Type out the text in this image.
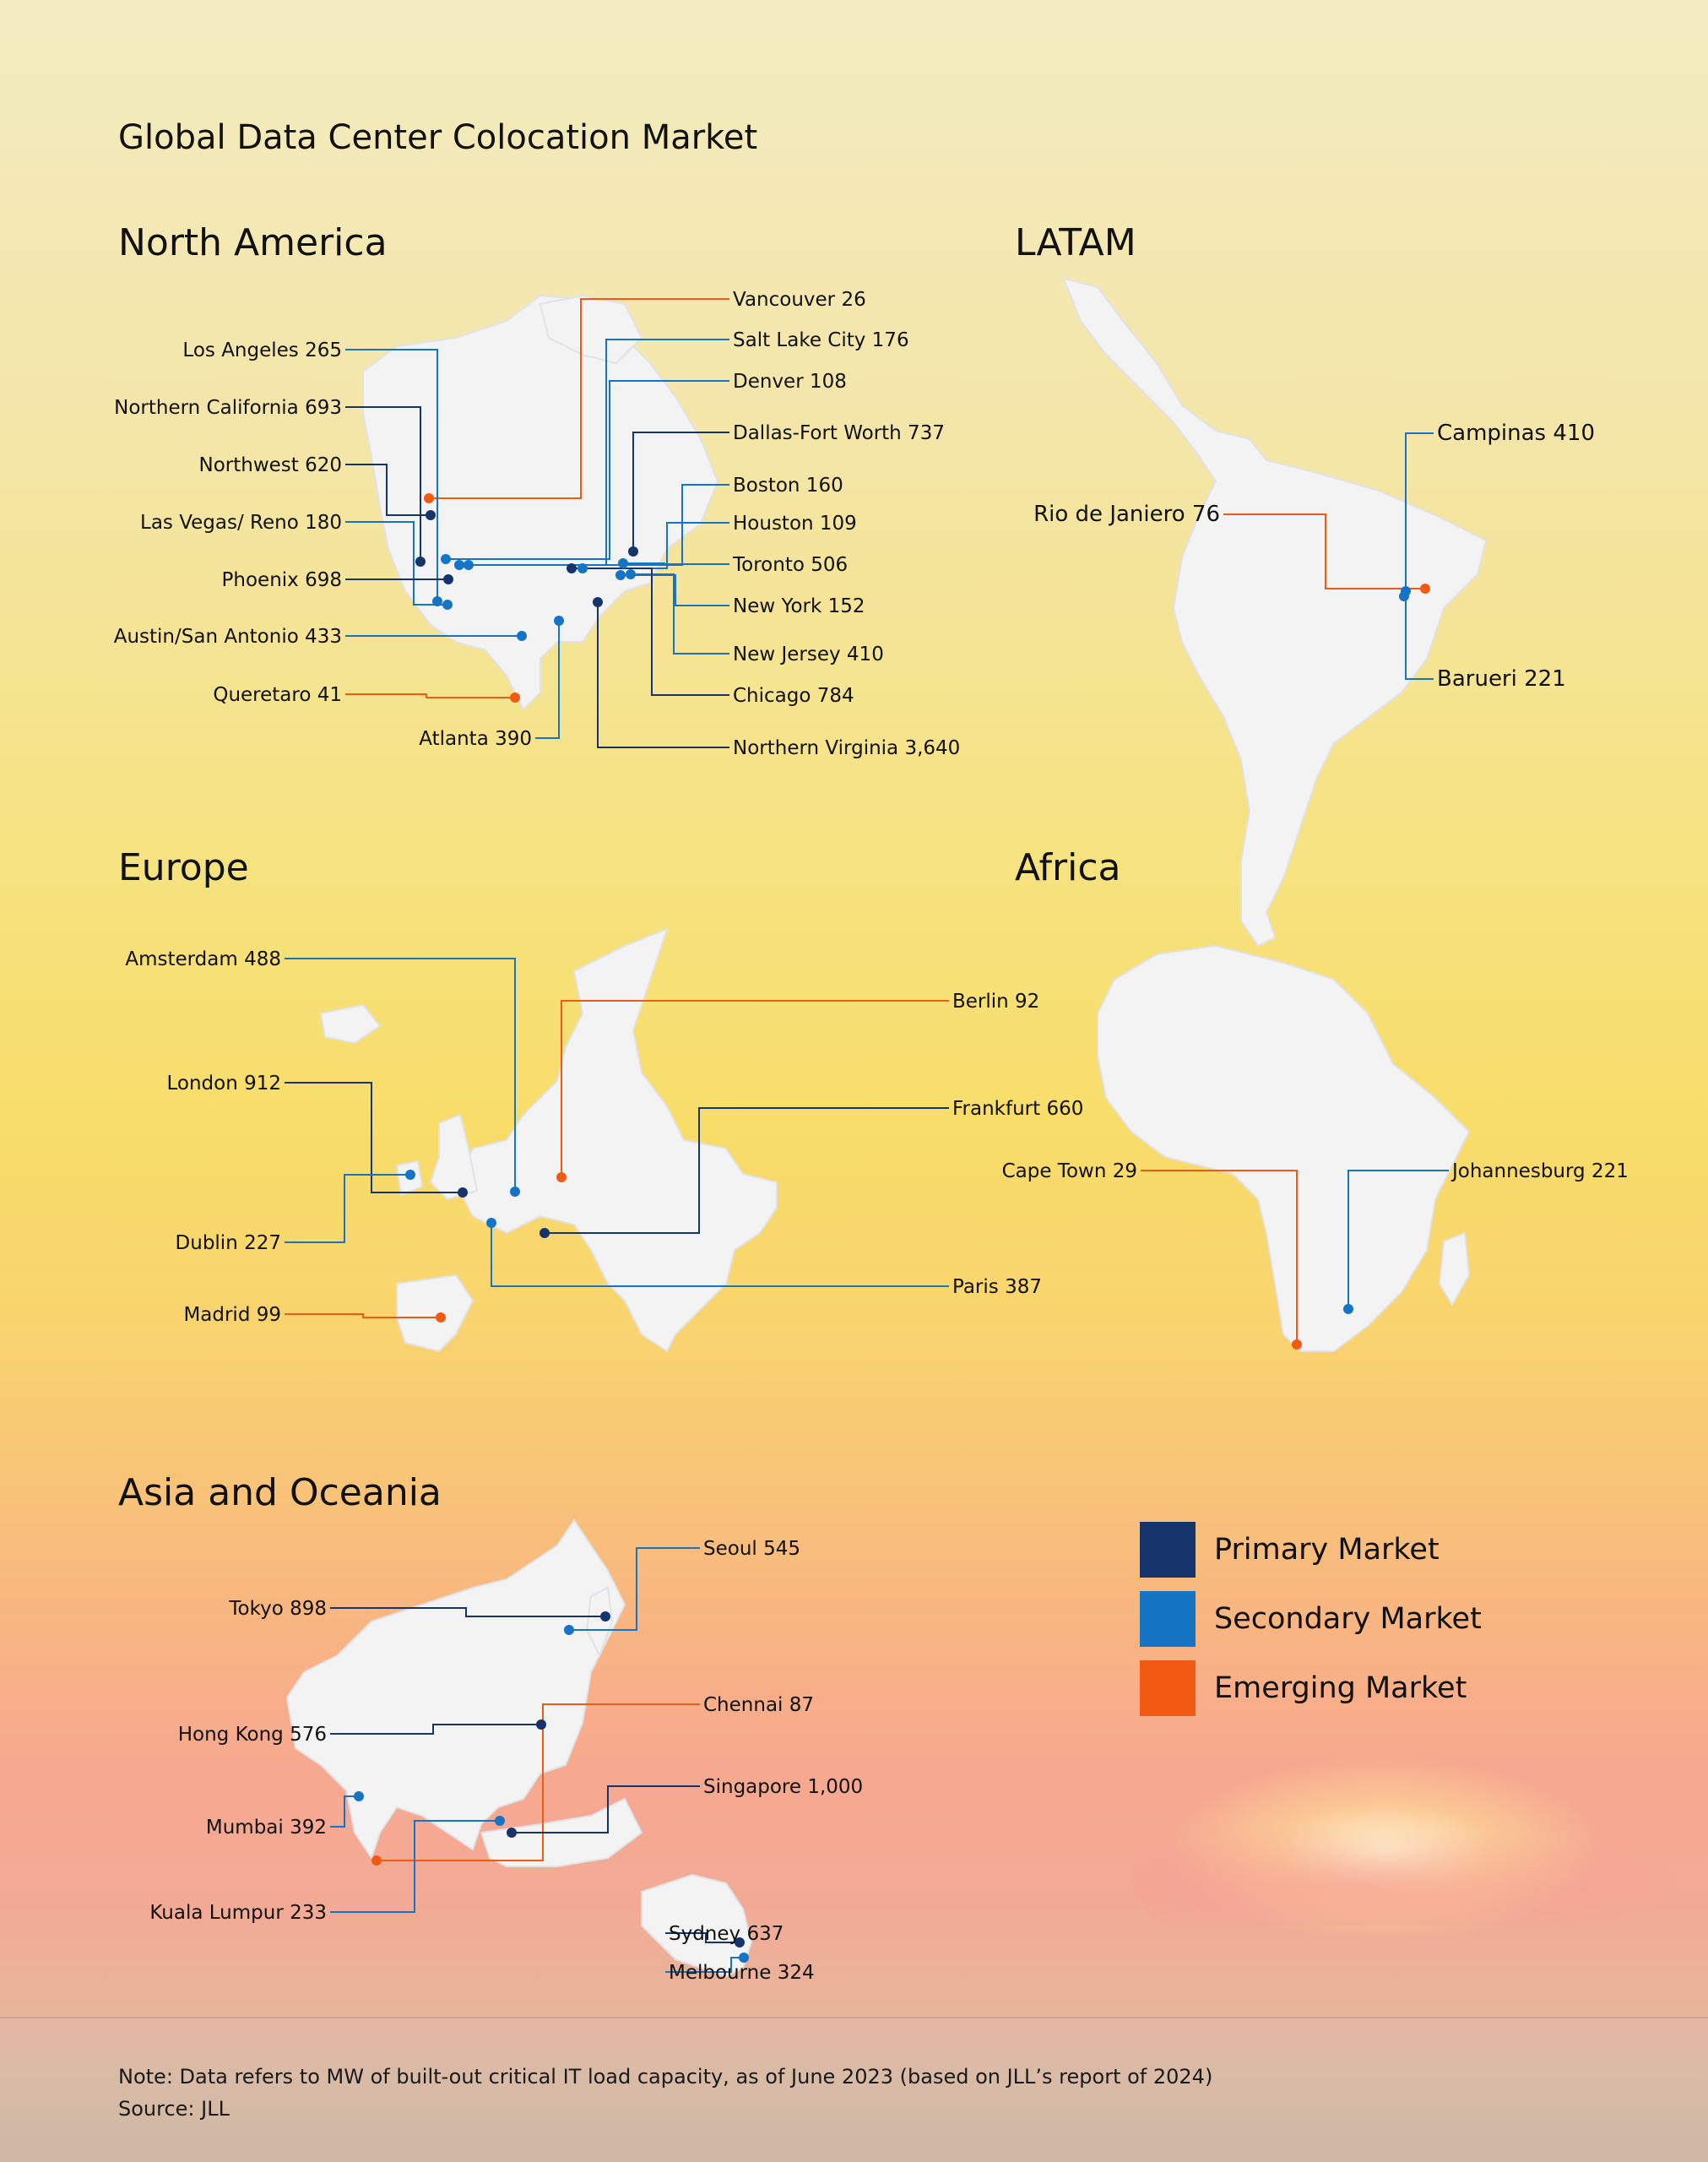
Global Data Center Colocation Market
North America	LATAM
Europe	Africa
Asia and Oceania
Vancouver 26
Salt Lake City 176
Denver 108
Dallas-Fort Worth 737
Boston 160
Houston 109
Toronto 506
New York 152
New Jersey 410
Chicago 784
Northern Virginia 3,640
Los Angeles 265
Northern California 693
Northwest 620
Las Vegas/ Reno 180
Phoenix 698
Austin/San Antonio 433
Queretaro 41
Atlanta 390
Campinas 410
Rio de Janiero 76
Barueri 221
Amsterdam 488
Berlin 92
London 912
Frankfurt 660
Dublin 227
Paris 387
Madrid 99
Cape Town 29	Johannesburg 221
Seoul 545
Tokyo 898
Chennai 87
Hong Kong 576
Singapore 1,000
Mumbai 392
Kuala Lumpur 233
Sydney 637
Melbourne 324
Primary Market
Secondary Market
Emerging Market
Note: Data refers to MW of built-out critical IT load capacity, as of June 2023 (based on JLL’s report of 2024)
Source: JLL
